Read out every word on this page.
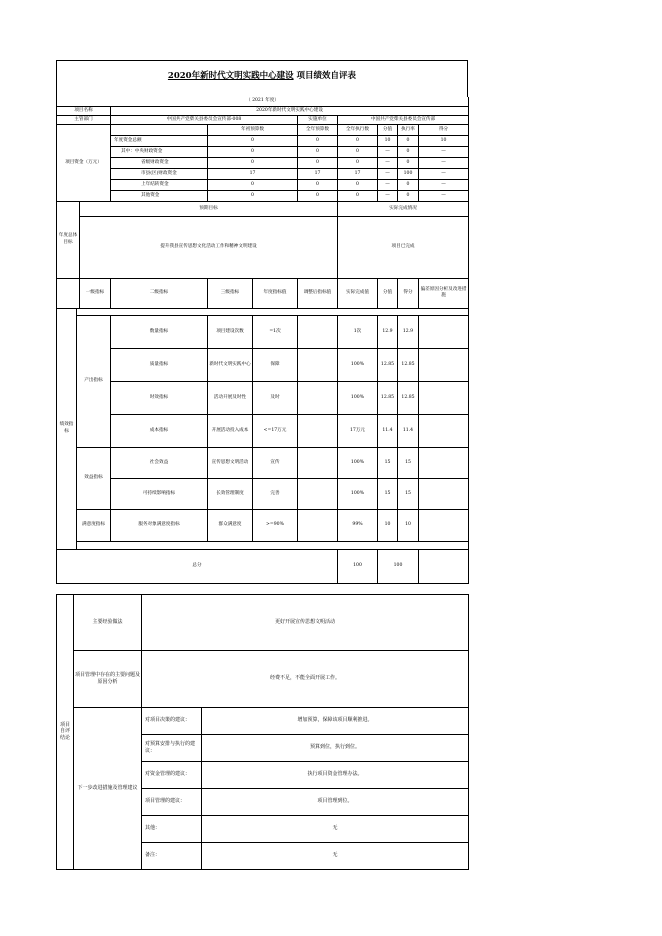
2020年新时代文明实践中心建设 项目绩效自评表
（ 2021 年度）										
项目名称			2020年新时代文明实践中心建设							
主管部门			中国共产党柴关县委员会宣传部-008			实施单位	中国共产党柴关县委员会宣传部			
项目资金（万元）				年初预算数		全年预算数	全年执行数	分值	执行率	得分
			年度资金总额	0		0	0	10	0	10
			其中：中央财政资金	0		0	0	—	0	—
			省级财政资金	0		0	0	—	0	—
			市县(区)财政资金	17		17	17	—	100	—
			上年结转资金	0		0	0	—	0	—
			其他资金	0		0	0	—	0	—
年度总体目标		预期目标					实际完成情况			
		提升我县宣传思想文化活动工作和精神文明建设					项目已完成			
		一级指标	二级指标	三级指标	年度指标值	调整后指标值	实际完成值	分值	得分	偏差原因分析及改进措施
绩效指标										
	产出指标		数量指标	项目建设次数	=1次		1次	12.9	12.9	
			质量指标	新时代文明实践中心	保障		100%	12.85	12.85	
			时效指标	活动开展及时性	及时		100%	12.85	12.85	
			成本指标	开展活动投入成本	<=17万元		17万元	11.4	11.4	
	效益指标		社会效益	宣传思想文明活动	宣传		100%	15	15	
			可持续影响指标	长效管理制度	完善		100%	15	15	
	满意度指标		服务对象满意度指标	群众满意度	>=90%		99%	10	10	

总分							100	100		
项目自评结论	主要经验做法	更好开展宣传思想文明活动	
	项目管理中存在的主要问题及原因分析	经费不足，不能全面开展工作。	
	下一步改进措施及管理建议	对项目决策的建议：	增加预算，保障该项目顺利推进。
		对预算安排与执行的建议：	预算到位，执行到位。
		对资金管理的建议：	执行项目资金管理办法。
		项目管理的建议：	项目管理到位。
		其他：	无
		备注：	无
